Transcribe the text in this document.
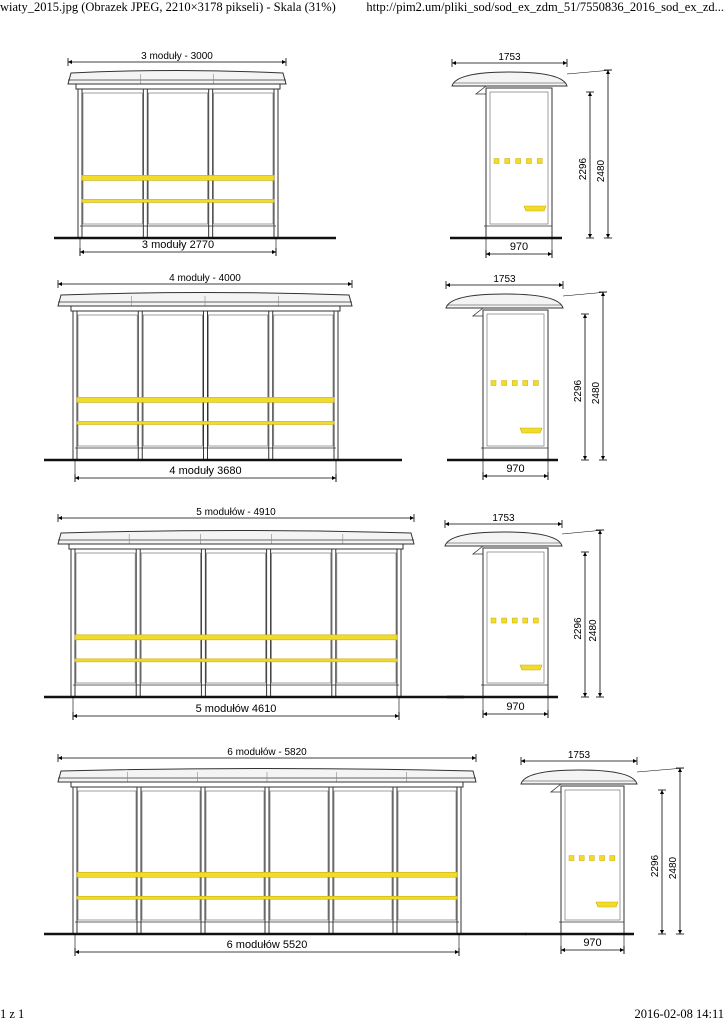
wiaty_2015.jpg (Obrazek JPEG, 2210×3178 pikseli) - Skala (31%) http://pim2.um/pliki_sod/sod_ex_zdm_51/7550836_2016_sod_ex_zd...
3 moduły - 3000
3 moduły 2770
1753
970
2296 2480
4 moduły - 4000
4 moduły 3680
1753
970
2296 2480
5 modułów - 4910
5 modułów 4610
1753
970
2296 2480
6 modułów - 5820
6 modułów 5520
1753
970
2296 2480
1 z 1	2016-02-08 14:11
